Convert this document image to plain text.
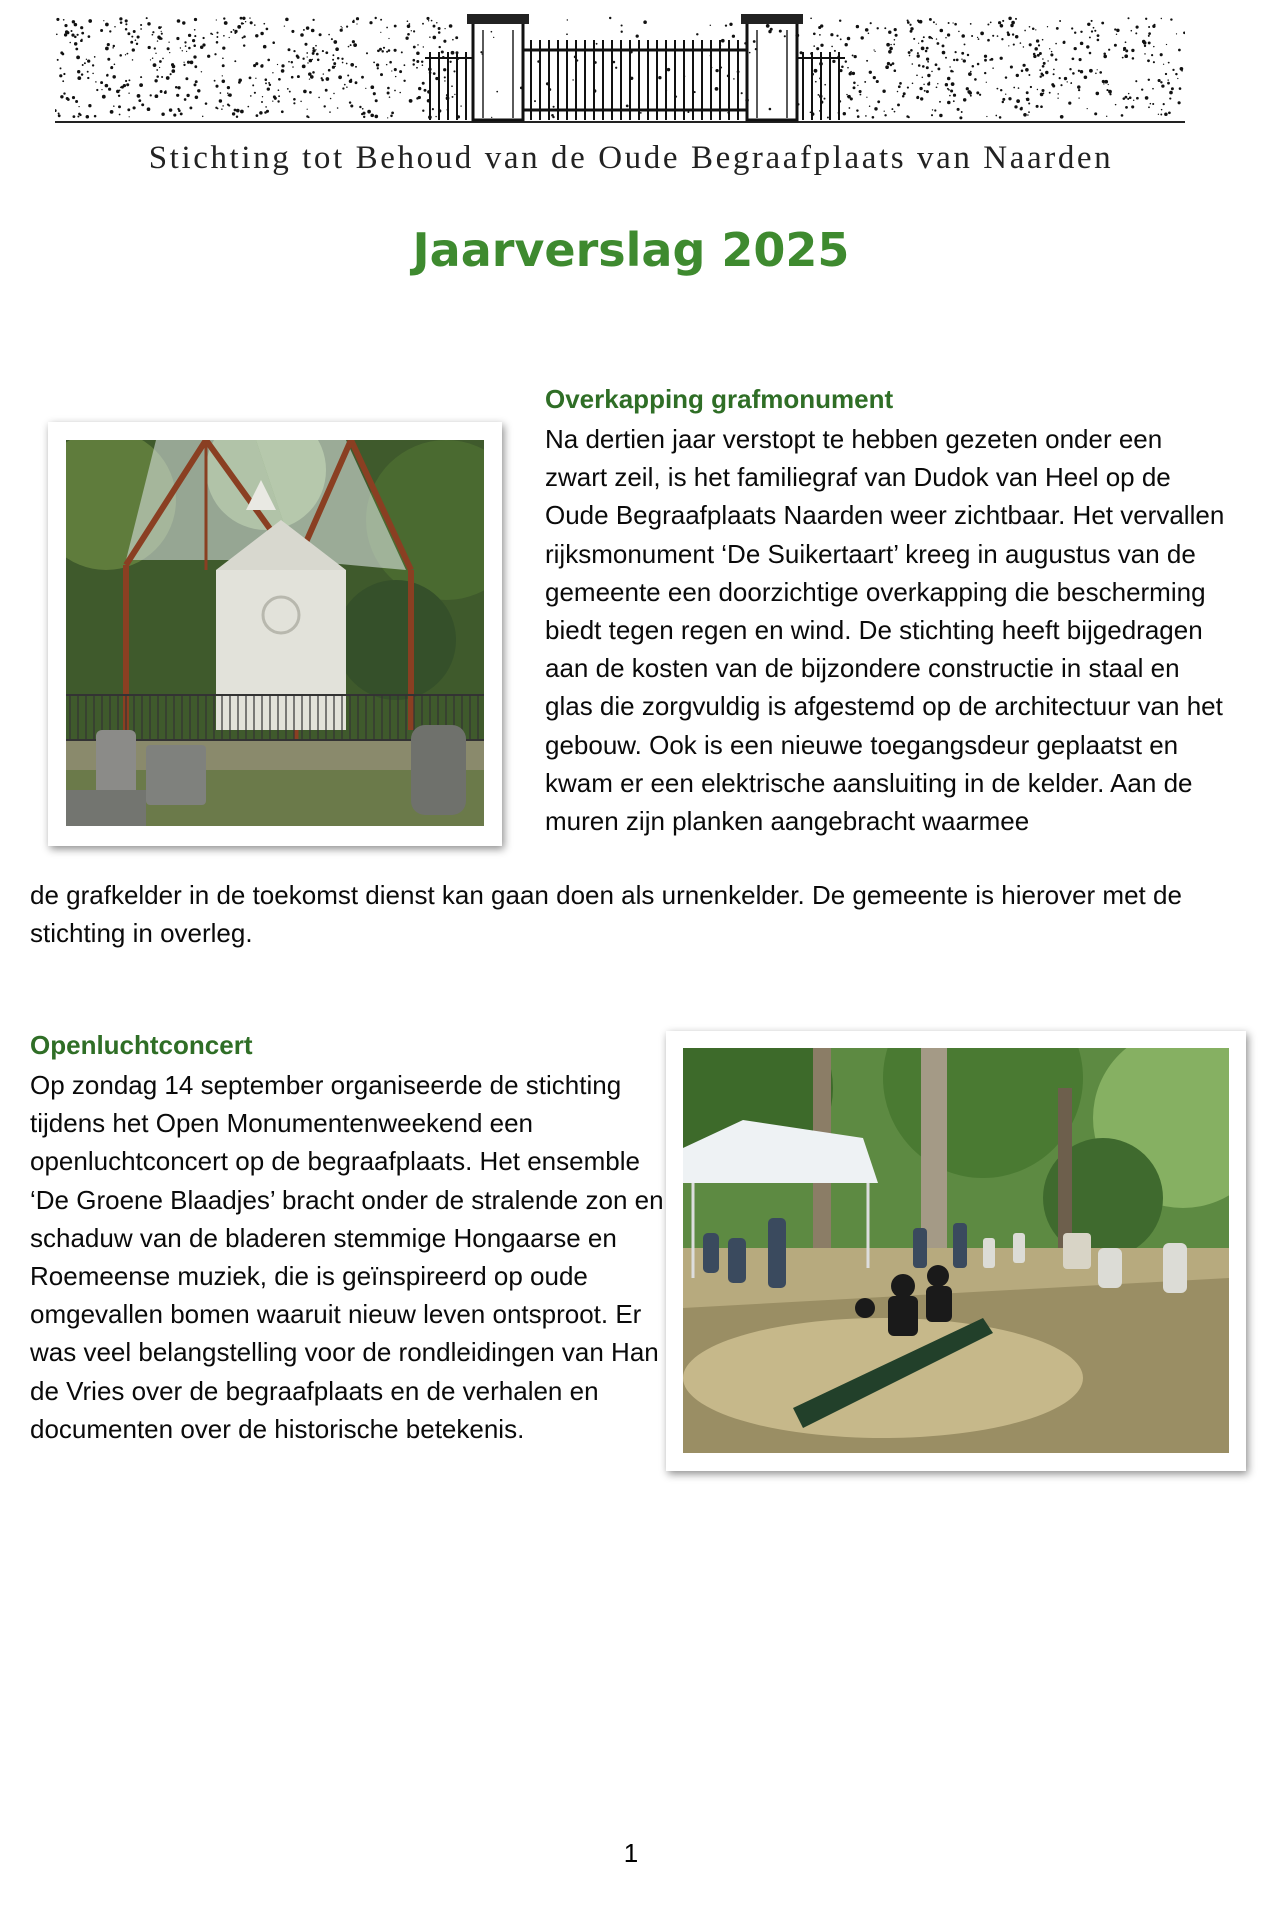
Stichting tot Behoud van de Oude Begraafplaats van Naarden
Jaarverslag 2025
Overkapping grafmonument
Na dertien jaar verstopt te hebben gezeten onder een zwart zeil, is het familiegraf van Dudok van Heel op de Oude Begraafplaats Naarden weer zichtbaar. Het vervallen rijksmonument ‘De Suikertaart’ kreeg in augustus van de gemeente een doorzichtige overkapping die bescherming biedt tegen regen en wind. De stichting heeft bijgedragen aan de kosten van de bijzondere constructie in staal en glas die zorgvuldig is afgestemd op de architectuur van het gebouw. Ook is een nieuwe toegangsdeur geplaatst en kwam er een elektrische aansluiting in de kelder. Aan de muren zijn planken aangebracht waarmee
de grafkelder in de toekomst dienst kan gaan doen als urnenkelder. De gemeente is hierover met de stichting in overleg.
Openluchtconcert
Op zondag 14 september organiseerde de stichting tijdens het Open Monumentenweekend een openluchtconcert op de begraafplaats. Het ensemble ‘De Groene Blaadjes’ bracht onder de stralende zon en schaduw van de bladeren stemmige Hongaarse en Roemeense muziek, die is geïnspireerd op oude omgevallen bomen waaruit nieuw leven ontsproot. Er was veel belangstelling voor de rondleidingen van Han de Vries over de begraafplaats en de verhalen en documenten over de historische betekenis.
1
